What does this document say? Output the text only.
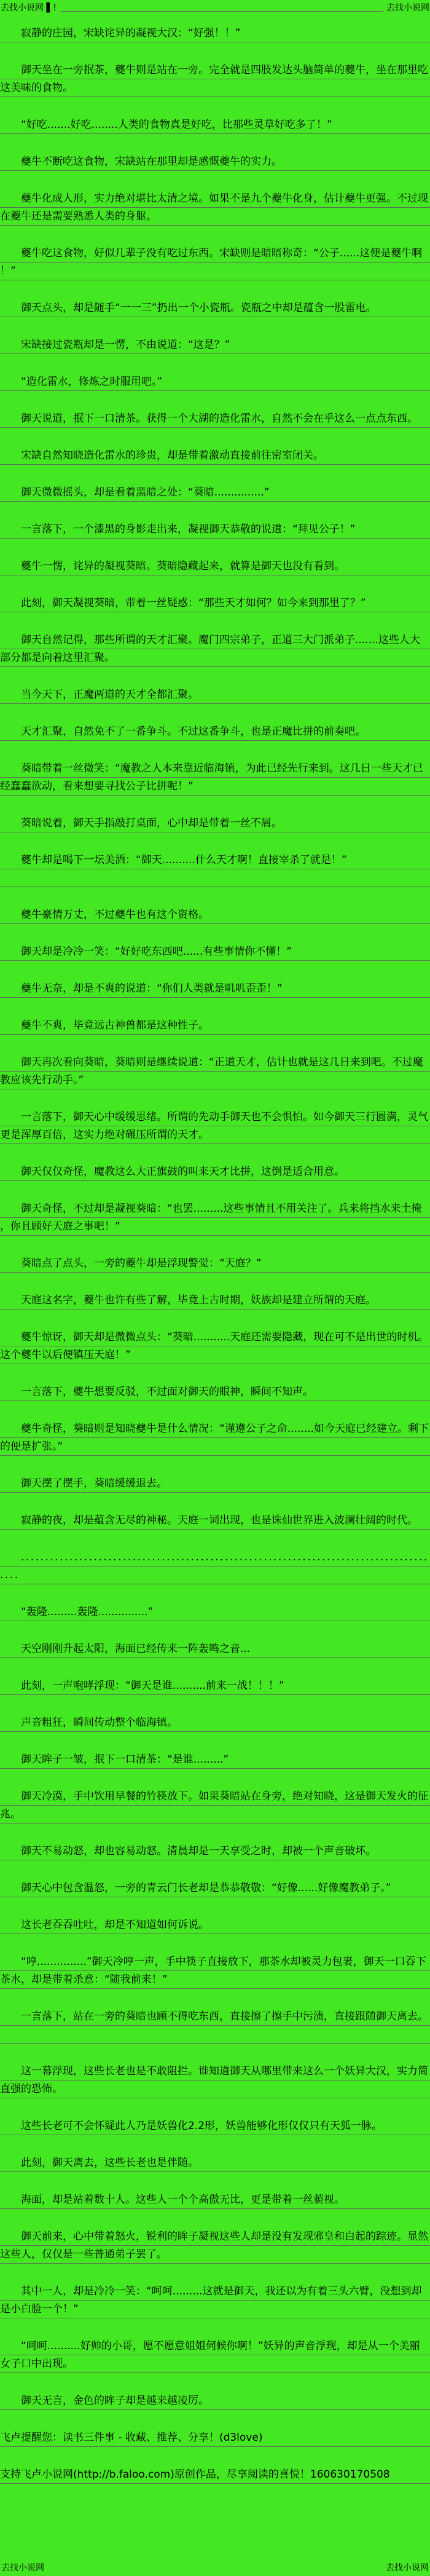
去找小说网 ▌!	去找小说网

寂静的庄园，宋缺诧异的凝视大汉：“好强！！”

御天坐在一旁抿茶，夔牛则是站在一旁。完全就是四肢发达头脑简单的夔牛，坐在那里吃这美味的食物。

“好吃.......好吃........人类的食物真是好吃，比那些灵草好吃多了！”

夔牛不断吃这食物，宋缺站在那里却是感慨夔牛的实力。

夔牛化成人形，实力绝对堪比太清之境。如果不是九个夔牛化身，估计夔牛更强。不过现在夔牛还是需要熟悉人类的身躯。

夔牛吃这食物，好似几辈子没有吃过东西。宋缺则是暗暗称奇：“公子......这便是夔牛啊！”

御天点头，却是随手“一一三”扔出一个小瓷瓶。瓷瓶之中却是蕴含一股雷电。

宋缺接过瓷瓶却是一愣，不由说道：“这是？”

“造化雷水，修炼之时服用吧。”

御天说道，抿下一口清茶。获得一个大湖的造化雷水，自然不会在乎这么一点点东西。

宋缺自然知晓造化雷水的珍贵，却是带着激动直接前往密室闭关。

御天微微摇头，却是看着黑暗之处：“葵暗...............”

一言落下，一个漆黑的身影走出来，凝视御天恭敬的说道：“拜见公子！”

夔牛一愣，诧异的凝视葵暗。葵暗隐藏起来，就算是御天也没有看到。

此刻，御天凝视葵暗，带着一丝疑惑：“那些天才如何？如今来到那里了？”

御天自然记得，那些所谓的天才汇聚。魔门四宗弟子，正道三大门派弟子.......这些人大部分都是向着这里汇聚。

当今天下，正魔两道的天才全都汇聚。

天才汇聚，自然免不了一番争斗。不过这番争斗，也是正魔比拼的前奏吧。

葵暗带着一丝微笑：“魔教之人本来靠近临海镇，为此已经先行来到。这几日一些天才已经蠢蠢欲动，看来想要寻找公子比拼呢！”

葵暗说着，御天手指敲打桌面，心中却是带着一丝不屑。

夔牛却是喝下一坛美酒：“御天..........什么天才啊！直接宰杀了就是！”

夔牛豪情万丈，不过夔牛也有这个资格。

御天却是冷冷一笑：“好好吃东西吧......有些事情你不懂！”

夔牛无奈，却是不爽的说道：“你们人类就是叽叽歪歪！”

夔牛不爽，毕竟远古神兽都是这种性子。

御天再次看向葵暗，葵暗则是继续说道：“正道天才，估计也就是这几日来到吧。不过魔教应该先行动手。”

一言落下，御天心中缓缓思绪。所谓的先动手御天也不会惧怕。如今御天三行圆满，灵气更是浑厚百倍，这实力绝对碾压所谓的天才。

御天仅仅奇怪，魔教这么大正旗鼓的叫来天才比拼，这倒是适合用意。

御天奇怪，不过却是凝视葵暗：“也罢.........这些事情且不用关注了。兵来将挡水来土掩，你且顾好天庭之事吧！”

葵暗点了点头，一旁的夔牛却是浮现警觉：“天庭？”

天庭这名字，夔牛也许有些了解，毕竟上古时期，妖族却是建立所谓的天庭。

夔牛惊讶，御天却是微微点头：“葵暗...........天庭还需要隐藏，现在可不是出世的时机。这个夔牛以后便镇压天庭！”

一言落下，夔牛想要反驳，不过面对御天的眼神，瞬间不知声。

夔牛奇怪，葵暗则是知晓夔牛是什么情况：“谨遵公子之命........如今天庭已经建立。剩下的便是扩张。”

御天摆了摆手，葵暗缓缓退去。

寂静的夜，却是蕴含无尽的神秘。天庭一词出现，也是诛仙世界进入波澜壮阔的时代。

........................................................................................

“轰隆.........轰隆...............”

天空刚刚升起太阳，海面已经传来一阵轰鸣之音...

此刻，一声咆哮浮现：“御天是谁..........前来一战！！！”

声音粗狂，瞬间传动整个临海镇。

御天眸子一皱，抿下一口清茶：“是谁.........”

御天冷漠，手中饮用早餐的竹筷放下。如果葵暗站在身旁，绝对知晓，这是御天发火的征兆。

御天不易动怒，却也容易动怒。清晨却是一天享受之时，却被一个声音破坏。

御天心中包含温怒，一旁的青云门长老却是恭恭敬敬：“好像......好像魔教弟子。”

这长老吞吞吐吐，却是不知道如何诉说。

“哼...............”御天冷哼一声，手中筷子直接放下，那茶水却被灵力包裹，御天一口吞下茶水，却是带着杀意：“随我前来！”

一言落下，站在一旁的葵暗也顾不得吃东西，直接擦了擦手中污渍，直接跟随御天离去。

这一幕浮现，这些长老也是不敢阻拦。谁知道御天从哪里带来这么一个妖异大汉，实力简直强的恐怖。

这些长老可不会怀疑此人乃是妖兽化2.2形，妖兽能够化形仅仅只有天狐一脉。

此刻，御天离去，这些长老也是伴随。

海面，却是站着数十人。这些人一个个高傲无比，更是带着一丝藐视。

御天前来，心中带着怒火，锐利的眸子凝视这些人却是没有发现邪皇和白起的踪迹。显然这些人，仅仅是一些普通弟子罢了。

其中一人，却是冷冷一笑：“呵呵.........这就是御天，我还以为有着三头六臂，没想到却是小白脸一个！”

“呵呵..........好帅的小哥，愿不愿意姐姐伺候你啊！”妖异的声音浮现，却是从一个美丽女子口中出现。

御天无言，金色的眸子却是越来越凌厉。

飞卢提醒您：读书三件事 - 收藏、推荐、分享！(d3love)

支持飞卢小说网(http://b.faloo.com)原创作品，尽享阅读的喜悦！160630170508

去找小说网	去找小说网
